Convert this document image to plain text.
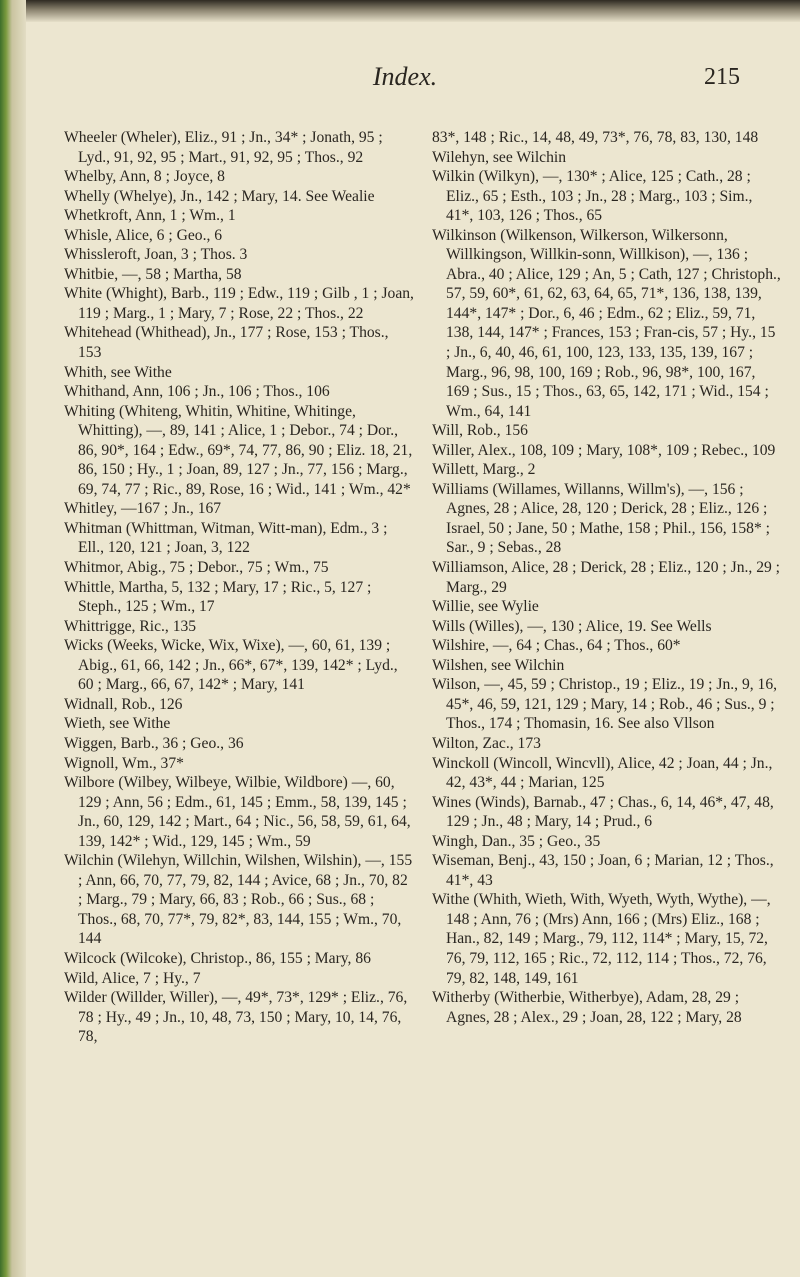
Index.	215

Wheeler (Wheler), Eliz., 91 ; Jn., 34* ; Jonath, 95 ; Lyd., 91, 92, 95 ; Mart., 91, 92, 95 ; Thos., 92

Whelby, Ann, 8 ; Joyce, 8

Whelly (Whelye), Jn., 142 ; Mary, 14. See Wealie

Whetkroft, Ann, 1 ; Wm., 1

Whisle, Alice, 6 ; Geo., 6

Whissleroft, Joan, 3 ; Thos. 3

Whitbie, —, 58 ; Martha, 58

White (Whight), Barb., 119 ; Edw., 119 ; Gilb , 1 ; Joan, 119 ; Marg., 1 ; Mary, 7 ; Rose, 22 ; Thos., 22

Whitehead (Whithead), Jn., 177 ; Rose, 153 ; Thos., 153

Whith, see Withe

Whithand, Ann, 106 ; Jn., 106 ; Thos., 106

Whiting (Whiteng, Whitin, Whitine, Whitinge, Whitting), —, 89, 141 ; Alice, 1 ; Debor., 74 ; Dor., 86, 90*, 164 ; Edw., 69*, 74, 77, 86, 90 ; Eliz. 18, 21, 86, 150 ; Hy., 1 ; Joan, 89, 127 ; Jn., 77, 156 ; Marg., 69, 74, 77 ; Ric., 89, Rose, 16 ; Wid., 141 ; Wm., 42*

Whitley, —167 ; Jn., 167

Whitman (Whittman, Witman, Witt-man), Edm., 3 ; Ell., 120, 121 ; Joan, 3, 122

Whitmor, Abig., 75 ; Debor., 75 ; Wm., 75

Whittle, Martha, 5, 132 ; Mary, 17 ; Ric., 5, 127 ; Steph., 125 ; Wm., 17

Whittrigge, Ric., 135

Wicks (Weeks, Wicke, Wix, Wixe), —, 60, 61, 139 ; Abig., 61, 66, 142 ; Jn., 66*, 67*, 139, 142* ; Lyd., 60 ; Marg., 66, 67, 142* ; Mary, 141

Widnall, Rob., 126

Wieth, see Withe

Wiggen, Barb., 36 ; Geo., 36

Wignoll, Wm., 37*

Wilbore (Wilbey, Wilbeye, Wilbie, Wildbore) —, 60, 129 ; Ann, 56 ; Edm., 61, 145 ; Emm., 58, 139, 145 ; Jn., 60, 129, 142 ; Mart., 64 ; Nic., 56, 58, 59, 61, 64, 139, 142* ; Wid., 129, 145 ; Wm., 59

Wilchin (Wilehyn, Willchin, Wilshen, Wilshin), —, 155 ; Ann, 66, 70, 77, 79, 82, 144 ; Avice, 68 ; Jn., 70, 82 ; Marg., 79 ; Mary, 66, 83 ; Rob., 66 ; Sus., 68 ; Thos., 68, 70, 77*, 79, 82*, 83, 144, 155 ; Wm., 70, 144

Wilcock (Wilcoke), Christop., 86, 155 ; Mary, 86

Wild, Alice, 7 ; Hy., 7

Wilder (Willder, Willer), —, 49*, 73*, 129* ; Eliz., 76, 78 ; Hy., 49 ; Jn., 10, 48, 73, 150 ; Mary, 10, 14, 76, 78,

83*, 148 ; Ric., 14, 48, 49, 73*, 76, 78, 83, 130, 148

Wilehyn, see Wilchin

Wilkin (Wilkyn), —, 130* ; Alice, 125 ; Cath., 28 ; Eliz., 65 ; Esth., 103 ; Jn., 28 ; Marg., 103 ; Sim., 41*, 103, 126 ; Thos., 65

Wilkinson (Wilkenson, Wilkerson, Wilkersonn, Willkingson, Willkin-sonn, Willkison), —, 136 ; Abra., 40 ; Alice, 129 ; An, 5 ; Cath, 127 ; Christoph., 57, 59, 60*, 61, 62, 63, 64, 65, 71*, 136, 138, 139, 144*, 147* ; Dor., 6, 46 ; Edm., 62 ; Eliz., 59, 71, 138, 144, 147* ; Frances, 153 ; Fran-cis, 57 ; Hy., 15 ; Jn., 6, 40, 46, 61, 100, 123, 133, 135, 139, 167 ; Marg., 96, 98, 100, 169 ; Rob., 96, 98*, 100, 167, 169 ; Sus., 15 ; Thos., 63, 65, 142, 171 ; Wid., 154 ; Wm., 64, 141

Will, Rob., 156

Willer, Alex., 108, 109 ; Mary, 108*, 109 ; Rebec., 109

Willett, Marg., 2

Williams (Willames, Willanns, Willm's), —, 156 ; Agnes, 28 ; Alice, 28, 120 ; Derick, 28 ; Eliz., 126 ; Israel, 50 ; Jane, 50 ; Mathe, 158 ; Phil., 156, 158* ; Sar., 9 ; Sebas., 28

Williamson, Alice, 28 ; Derick, 28 ; Eliz., 120 ; Jn., 29 ; Marg., 29

Willie, see Wylie

Wills (Willes), —, 130 ; Alice, 19. See Wells

Wilshire, —, 64 ; Chas., 64 ; Thos., 60*

Wilshen, see Wilchin

Wilson, —, 45, 59 ; Christop., 19 ; Eliz., 19 ; Jn., 9, 16, 45*, 46, 59, 121, 129 ; Mary, 14 ; Rob., 46 ; Sus., 9 ; Thos., 174 ; Thomasin, 16. See also Vllson

Wilton, Zac., 173

Winckoll (Wincoll, Wincvll), Alice, 42 ; Joan, 44 ; Jn., 42, 43*, 44 ; Marian, 125

Wines (Winds), Barnab., 47 ; Chas., 6, 14, 46*, 47, 48, 129 ; Jn., 48 ; Mary, 14 ; Prud., 6

Wingh, Dan., 35 ; Geo., 35

Wiseman, Benj., 43, 150 ; Joan, 6 ; Marian, 12 ; Thos., 41*, 43

Withe (Whith, Wieth, With, Wyeth, Wyth, Wythe), —, 148 ; Ann, 76 ; (Mrs) Ann, 166 ; (Mrs) Eliz., 168 ; Han., 82, 149 ; Marg., 79, 112, 114* ; Mary, 15, 72, 76, 79, 112, 165 ; Ric., 72, 112, 114 ; Thos., 72, 76, 79, 82, 148, 149, 161

Witherby (Witherbie, Witherbye), Adam, 28, 29 ; Agnes, 28 ; Alex., 29 ; Joan, 28, 122 ; Mary, 28
